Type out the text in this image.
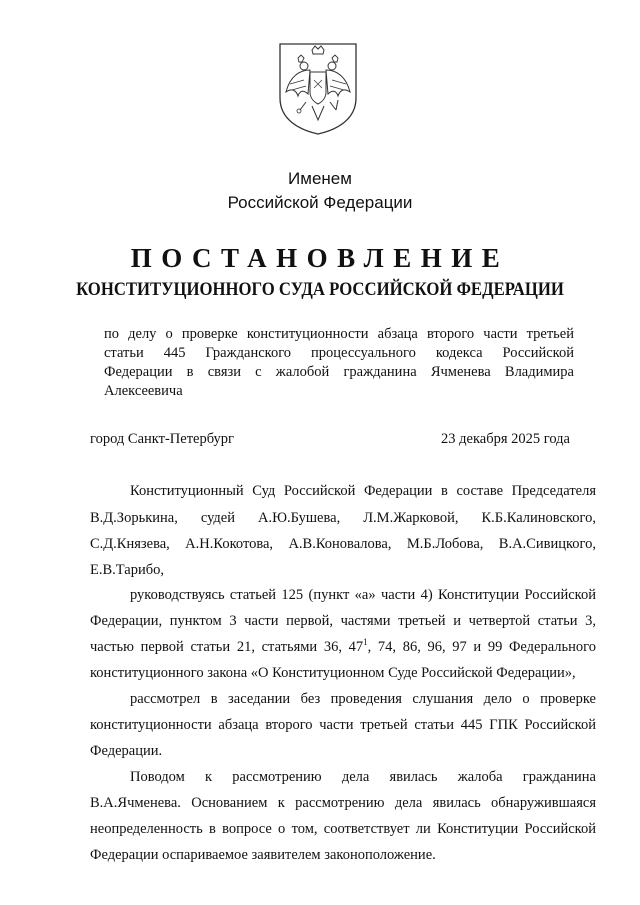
Именем
Российской Федерации
ПОСТАНОВЛЕНИЕ
КОНСТИТУЦИОННОГО СУДА РОССИЙСКОЙ ФЕДЕРАЦИИ
по делу о проверке конституционности абзаца второго части третьей
статьи 445 Гражданского процессуального кодекса Российской
Федерации в связи с жалобой гражданина Ячменева Владимира
Алексеевича
город Санкт-Петербург	23 декабря 2025 года
Конституционный Суд Российской Федерации в составе Председателя
В.Д.Зорькина, судей А.Ю.Бушева, Л.М.Жарковой, К.Б.Калиновского,
С.Д.Князева, А.Н.Кокотова, А.В.Коновалова, М.Б.Лобова, В.А.Сивицкого,
Е.В.Тарибо,
руководствуясь статьей 125 (пункт «а» части 4) Конституции Российской
Федерации, пунктом 3 части первой, частями третьей и четвертой статьи 3,
частью первой статьи 21, статьями 36, $47^1$, 74, 86, 96, 97 и 99 Федерального
конституционного закона «О Конституционном Суде Российской Федерации»,
рассмотрел в заседании без проведения слушания дело о проверке
конституционности абзаца второго части третьей статьи 445 ГПК Российской
Федерации.
Поводом к рассмотрению дела явилась жалоба гражданина
В.А.Ячменева. Основанием к рассмотрению дела явилась обнаружившаяся
неопределенность в вопросе о том, соответствует ли Конституции Российской
Федерации оспариваемое заявителем законоположение.
